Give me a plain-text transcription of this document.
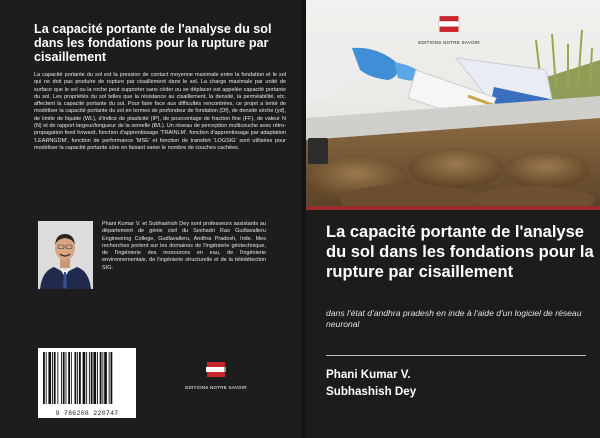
La capacité portante de l'analyse du sol dans les fondations pour la rupture par cisaillement
La capacité portante du sol est la pression de contact moyenne maximale entre la fondation et le sol qui ne doit pas produire de rupture par cisaillement dans le sol. La charge maximale par unité de surface que le sol ou la roche peut supporter sans céder ou se déplacer est appelée capacité portante du sol. Les propriétés du sol telles que la résistance au cisaillement, la densité, la perméabilité, etc. affectent la capacité portante du sol. Pour faire face aux difficultés rencontrées, ce projet a tenté de modéliser la capacité portante du sol en termes de profondeur de fondation (Df), de densité sèche (γd), de limite de liquide (WL), d'indice de plasticité (IP), de pourcentage de fraction fine (FF), de valeur N (N) et de rapport largeur/longueur de la semelle (B/L). Un réseau de perception multicouche avec rétro-propagation feed forward, fonction d'apprentissage 'TRAINLM', fonction d'apprentissage par adaptation 'LEARNGDM', fonction de performance 'MSE' et fonction de transfert 'LOGSIG' sont utilisées pour modéliser la capacité portante sûre en faisant varier le nombre de couches cachées.
Phani Kumar V. et Subhashish Dey sont professeurs assistants au département de génie civil du Seshadri Rao Gudlavalleru Engineering College, Gudlavalleru, Andhra Pradesh, Inde. Mes recherches portent sur les domaines de l'ingénierie géotechnique, de l'ingénierie des ressources en eau, de l'ingénierie environnementale, de l'ingénierie structurelle et de la télédétection SIG.
9 786208 220747
EDITIONS NOTRE SAVOIR
EDITIONS NOTRE SAVOIR
La capacité portante de l'analyse du sol dans les fondations pour la rupture par cisaillement
dans l'état d'andhra pradesh en inde à l'aide d'un logiciel de réseau neuronal
Phani Kumar V.
Subhashish Dey
